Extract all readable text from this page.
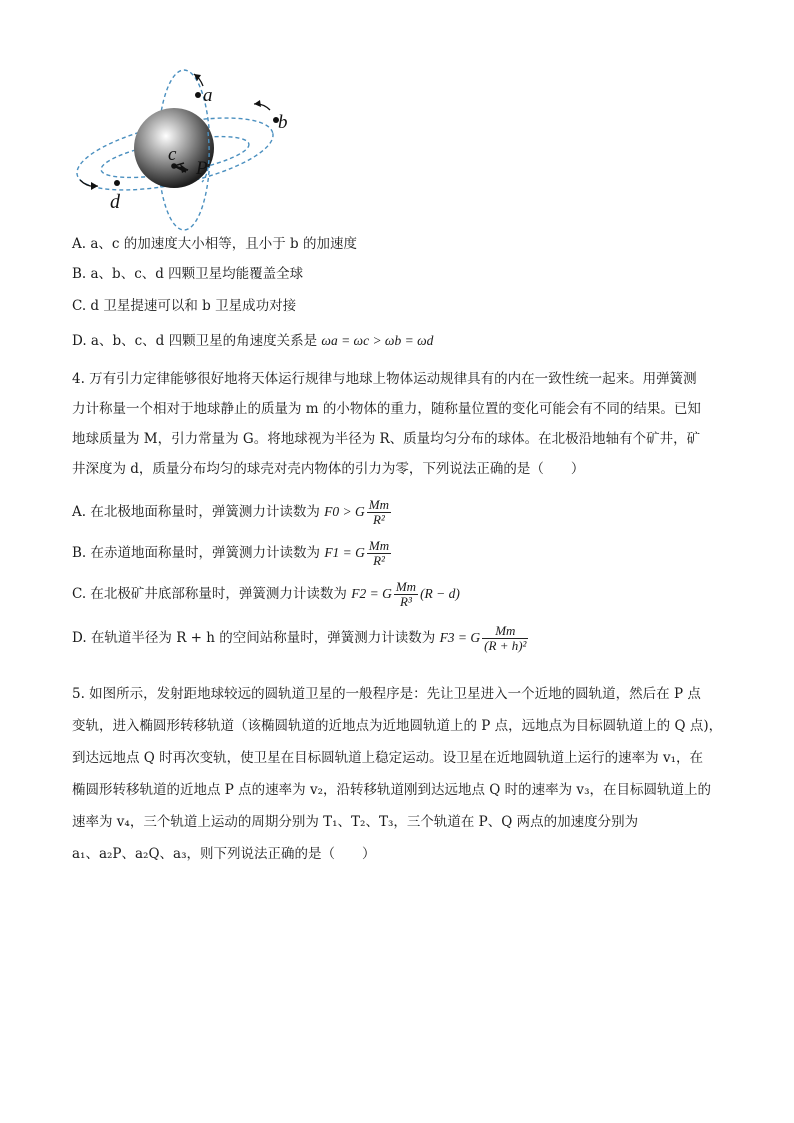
a
b
c
d
P
A. a、c 的加速度大小相等，且小于 b 的加速度
B. a、b、c、d 四颗卫星均能覆盖全球
C. d 卫星提速可以和 b 卫星成功对接
D. a、b、c、d 四颗卫星的角速度关系是 ωa = ωc > ωb = ωd
4. 万有引力定律能够很好地将天体运行规律与地球上物体运动规律具有的内在一致性统一起来。用弹簧测
力计称量一个相对于地球静止的质量为 m 的小物体的重力，随称量位置的变化可能会有不同的结果。已知
地球质量为 M，引力常量为 G。将地球视为半径为 R、质量均匀分布的球体。在北极沿地轴有个矿井，矿
井深度为 d，质量分布均匀的球壳对壳内物体的引力为零，下列说法正确的是（　　）
A. 在北极地面称量时，弹簧测力计读数为 F0 > G $\frac{Mm}{\text{R²}}$
B. 在赤道地面称量时，弹簧测力计读数为 F1 = G $\frac{Mm}{\text{R²}}$
C. 在北极矿井底部称量时，弹簧测力计读数为 F2 = G $\frac{Mm}{\text{R³}} (R - d)$
D. 在轨道半径为 R + h 的空间站称量时，弹簧测力计读数为 F3 = G $\frac{Mm}{\text{(R + h)²}}$
5. 如图所示，发射距地球较远的圆轨道卫星的一般程序是：先让卫星进入一个近地的圆轨道，然后在 P 点
变轨，进入椭圆形转移轨道（该椭圆轨道的近地点为近地圆轨道上的 P 点，远地点为目标圆轨道上的 Q 点)，
到达远地点 Q 时再次变轨，使卫星在目标圆轨道上稳定运动。设卫星在近地圆轨道上运行的速率为 v₁，在
椭圆形转移轨道的近地点 P 点的速率为 v₂，沿转移轨道刚到达远地点 Q 时的速率为 v₃，在目标圆轨道上的
速率为 v₄，三个轨道上运动的周期分别为 T₁、T₂、T₃，三个轨道在 P、Q 两点的加速度分别为
a₁、a₂P、a₂Q、a₃，则下列说法正确的是（　　）
